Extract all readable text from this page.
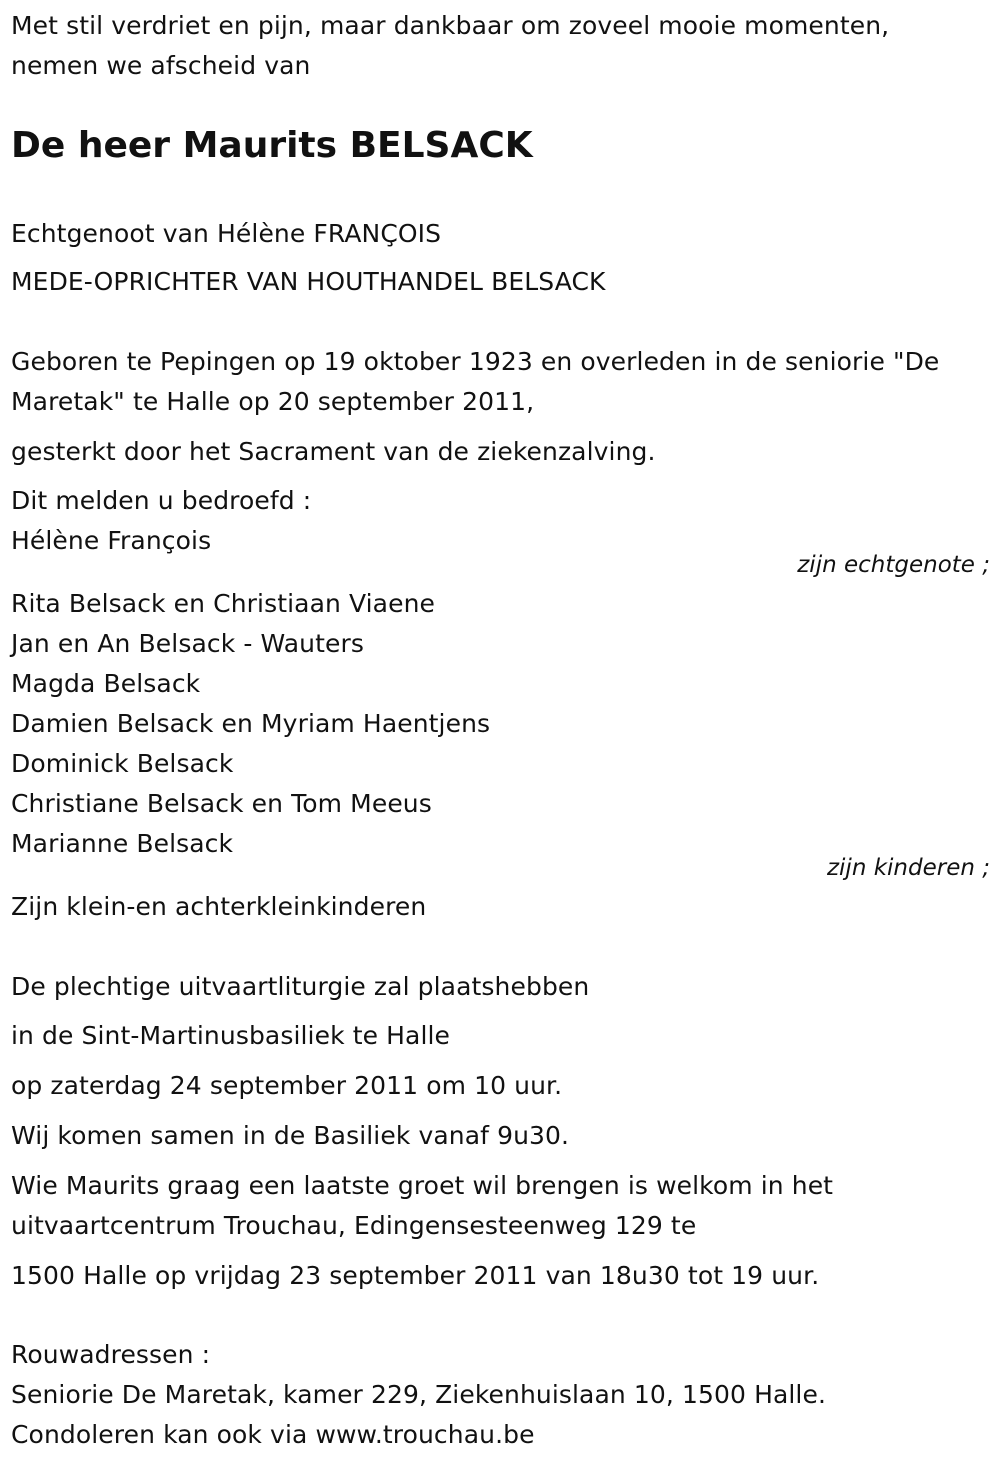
Met stil verdriet en pijn, maar dankbaar om zoveel mooie momenten,

nemen we afscheid van

De heer Maurits BELSACK

Echtgenoot van Hélène FRANÇOIS

MEDE-OPRICHTER VAN HOUTHANDEL BELSACK

Geboren te Pepingen op 19 oktober 1923 en overleden in de seniorie "De

Maretak" te Halle op 20 september 2011,

gesterkt door het Sacrament van de ziekenzalving.

Dit melden u bedroefd :

Hélène François

zijn echtgenote ;

Rita Belsack en Christiaan Viaene

Jan en An Belsack - Wauters

Magda Belsack

Damien Belsack en Myriam Haentjens

Dominick Belsack

Christiane Belsack en Tom Meeus

Marianne Belsack

zijn kinderen ;

Zijn klein-en achterkleinkinderen

De plechtige uitvaartliturgie zal plaatshebben

in de Sint-Martinusbasiliek te Halle

op zaterdag 24 september 2011 om 10 uur.

Wij komen samen in de Basiliek vanaf 9u30.

Wie Maurits graag een laatste groet wil brengen is welkom in het

uitvaartcentrum Trouchau, Edingensesteenweg 129 te

1500 Halle op vrijdag 23 september 2011 van 18u30 tot 19 uur.

Rouwadressen :

Seniorie De Maretak, kamer 229, Ziekenhuislaan 10, 1500 Halle.

Condoleren kan ook via www.trouchau.be
